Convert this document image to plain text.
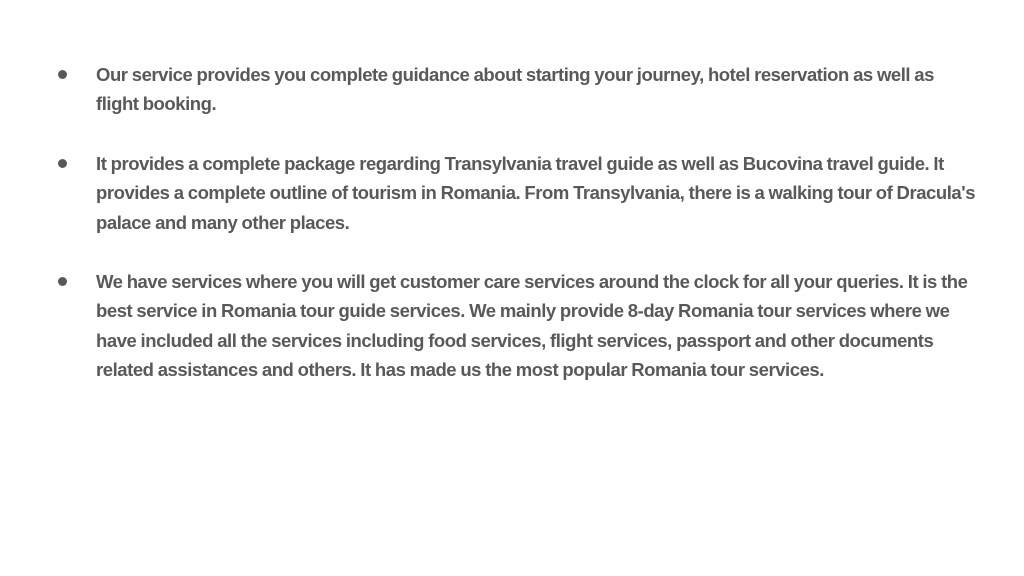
Our service provides you complete guidance about starting your journey, hotel reservation as well as flight booking.
It provides a complete package regarding Transylvania travel guide as well as Bucovina travel guide. It provides a complete outline of tourism in Romania. From Transylvania, there is a walking tour of Dracula's palace and many other places.
We have services where you will get customer care services around the clock for all your queries. It is the best service in Romania tour guide services. We mainly provide 8-day Romania tour services where we have included all the services including food services, flight services, passport and other documents related assistances and others. It has made us the most popular Romania tour services.
